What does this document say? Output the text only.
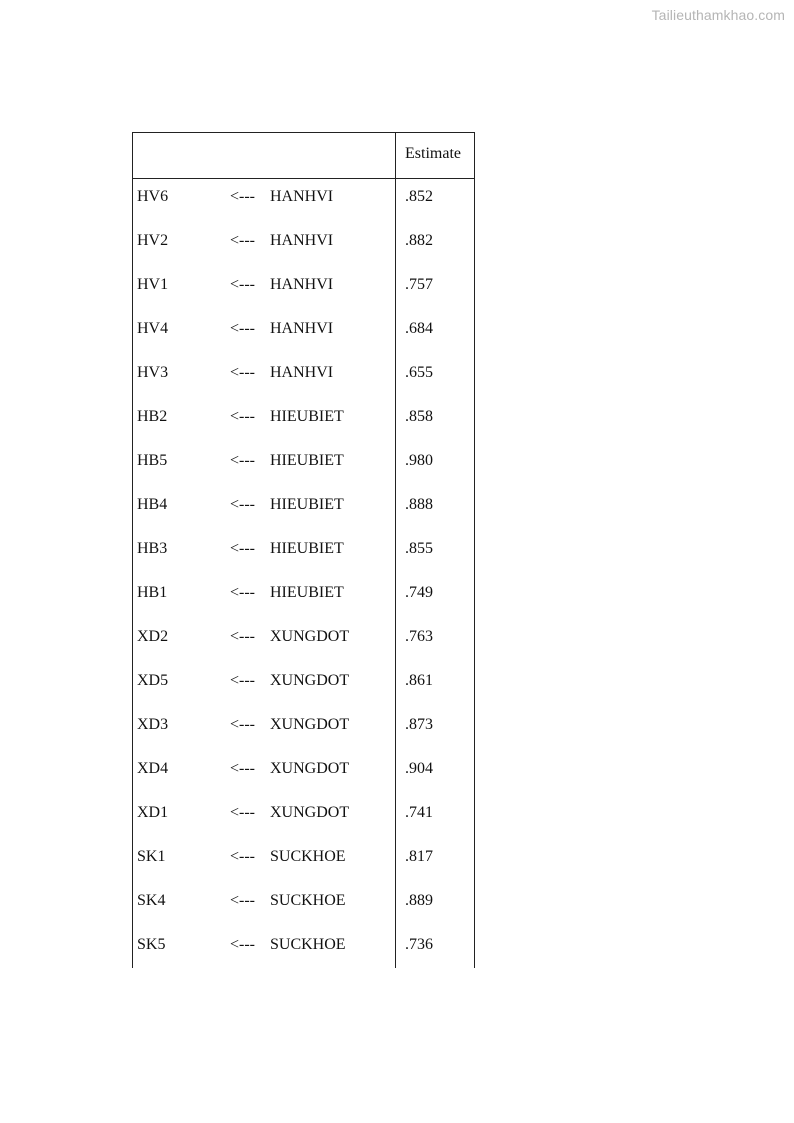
Tailieuthamkhao.com
Estimate
HV6	<--- HANHVI	.852
HV2	<--- HANHVI	.882
HV1	<--- HANHVI	.757
HV4	<--- HANHVI	.684
HV3	<--- HANHVI	.655
HB2	<--- HIEUBIET	.858
HB5	<--- HIEUBIET	.980
HB4	<--- HIEUBIET	.888
HB3	<--- HIEUBIET	.855
HB1	<--- HIEUBIET	.749
XD2	<--- XUNGDOT	.763
XD5	<--- XUNGDOT	.861
XD3	<--- XUNGDOT	.873
XD4	<--- XUNGDOT	.904
XD1	<--- XUNGDOT	.741
SK1	<--- SUCKHOE	.817
SK4	<--- SUCKHOE	.889
SK5	<--- SUCKHOE	.736
